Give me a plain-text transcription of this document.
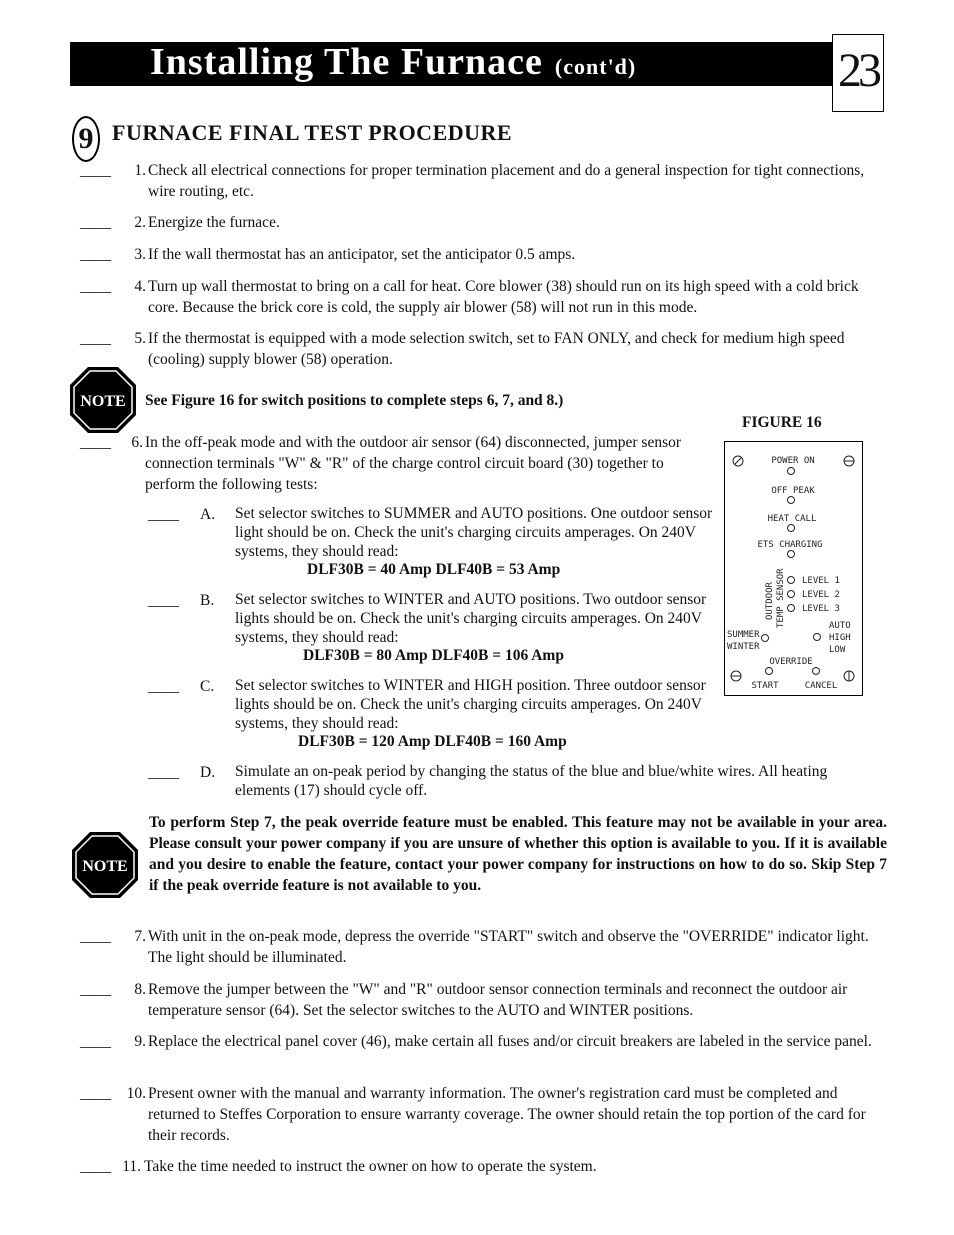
Installing The Furnace (cont'd)	23
9 FURNACE FINAL TEST PROCEDURE
____	1. Check all electrical connections for proper termination placement and do a general inspection for tight connections, wire routing, etc.
____	2. Energize the furnace.
____	3. If the wall thermostat has an anticipator, set the anticipator 0.5 amps.
____	4. Turn up wall thermostat to bring on a call for heat. Core blower (38) should run on its high speed with a cold brick core. Because the brick core is cold, the supply air blower (58) will not run in this mode.
____	5. If the thermostat is equipped with a mode selection switch, set to FAN ONLY, and check for medium high speed (cooling) supply blower (58) operation.
NOTE See Figure 16 for switch positions to complete steps 6, 7, and 8.)
FIGURE 16
____	6. In the off-peak mode and with the outdoor air sensor (64) disconnected, jumper sensor connection terminals "W" & "R" of the charge control circuit board (30) together to perform the following tests:
____ A.	Set selector switches to SUMMER and AUTO positions. One outdoor sensor light should be on. Check the unit's charging circuits amperages. On 240V systems, they should read:
DLF30B = 40 Amp DLF40B = 53 Amp
____ B.	Set selector switches to WINTER and AUTO positions. Two outdoor sensor lights should be on. Check the unit's charging circuits amperages. On 240V systems, they should read:
DLF30B = 80 Amp DLF40B = 106 Amp
____ C.	Set selector switches to WINTER and HIGH position. Three outdoor sensor lights should be on. Check the unit's charging circuits amperages. On 240V systems, they should read:
DLF30B = 120 Amp DLF40B = 160 Amp
____ D.	Simulate an on-peak period by changing the status of the blue and blue/white wires. All heating elements (17) should cycle off.
POWER ON
OFF PEAK
HEAT CALL
ETS CHARGING
OUTDOOR TEMP SENSOR LEVEL 1
LEVEL 2
LEVEL 3
SUMMER
WINTER
AUTO
HIGH
LOW
OVERRIDE
START	CANCEL
NOTE
To perform Step 7, the peak override feature must be enabled. This feature may not be available in your area. Please consult your power company if you are unsure of whether this option is available to you. If it is available and you desire to enable the feature, contact your power company for instructions on how to do so. Skip Step 7 if the peak override feature is not available to you.
____	7. With unit in the on-peak mode, depress the override "START" switch and observe the "OVERRIDE" indicator light. The light should be illuminated.
____	8. Remove the jumper between the "W" and "R" outdoor sensor connection terminals and reconnect the outdoor air temperature sensor (64). Set the selector switches to the AUTO and WINTER positions.
____	9. Replace the electrical panel cover (46), make certain all fuses and/or circuit breakers are labeled in the service panel.
____	10. Present owner with the manual and warranty information. The owner's registration card must be completed and returned to Steffes Corporation to ensure warranty coverage. The owner should retain the top portion of the card for their records.
____ 11. Take the time needed to instruct the owner on how to operate the system.
